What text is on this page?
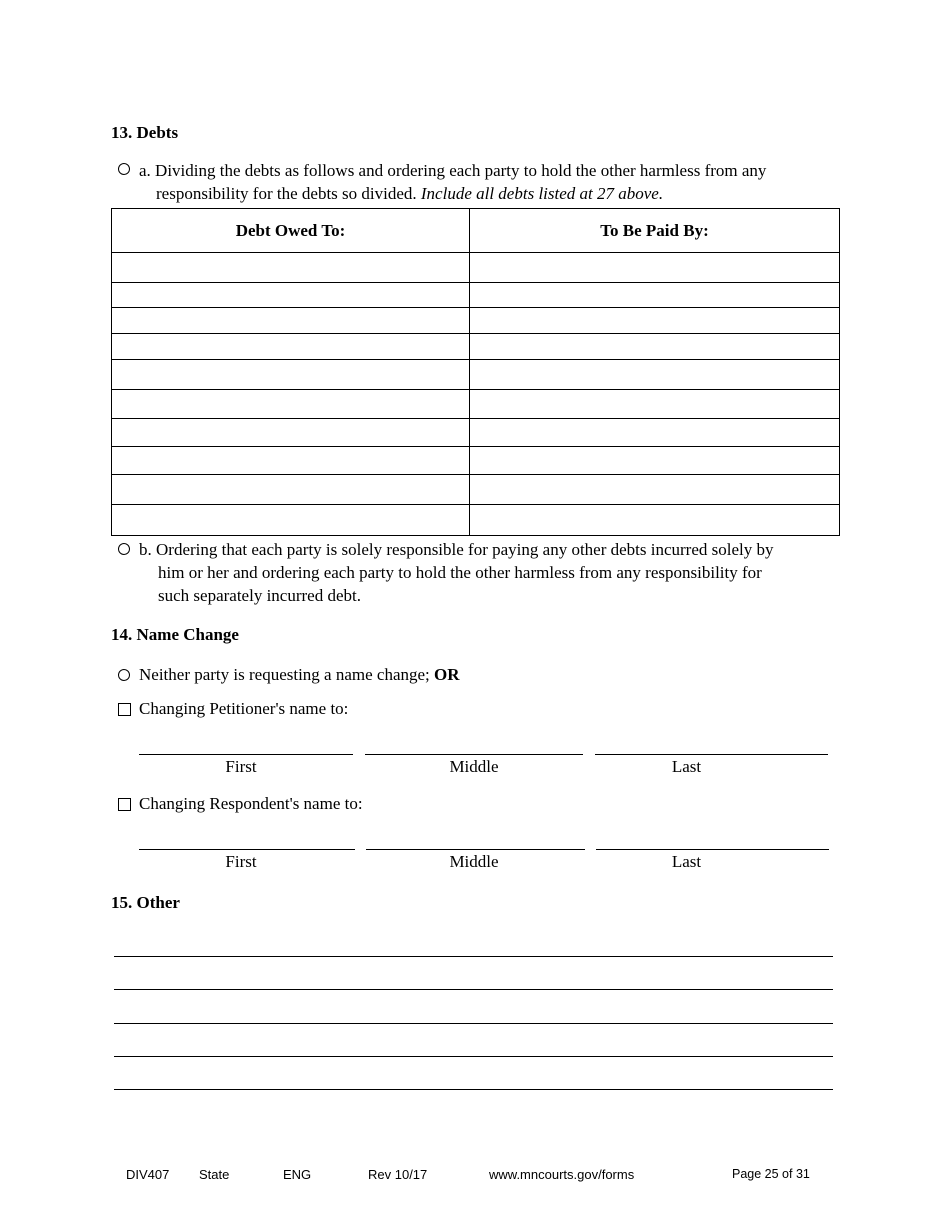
13. Debts
a. Dividing the debts as follows and ordering each party to hold the other harmless from any
responsibility for the debts so divided. Include all debts listed at 27 above.
Debt Owed To:	To Be Paid By:

b. Ordering that each party is solely responsible for paying any other debts incurred solely by
him or her and ordering each party to hold the other harmless from any responsibility for
such separately incurred debt.
14. Name Change
Neither party is requesting a name change; OR
Changing Petitioner's name to:
First	Middle	Last
Changing Respondent's name to:
First	Middle	Last
15. Other
DIV407 State	ENG	Rev 10/17	www.mncourts.gov/forms	Page 25 of 31
